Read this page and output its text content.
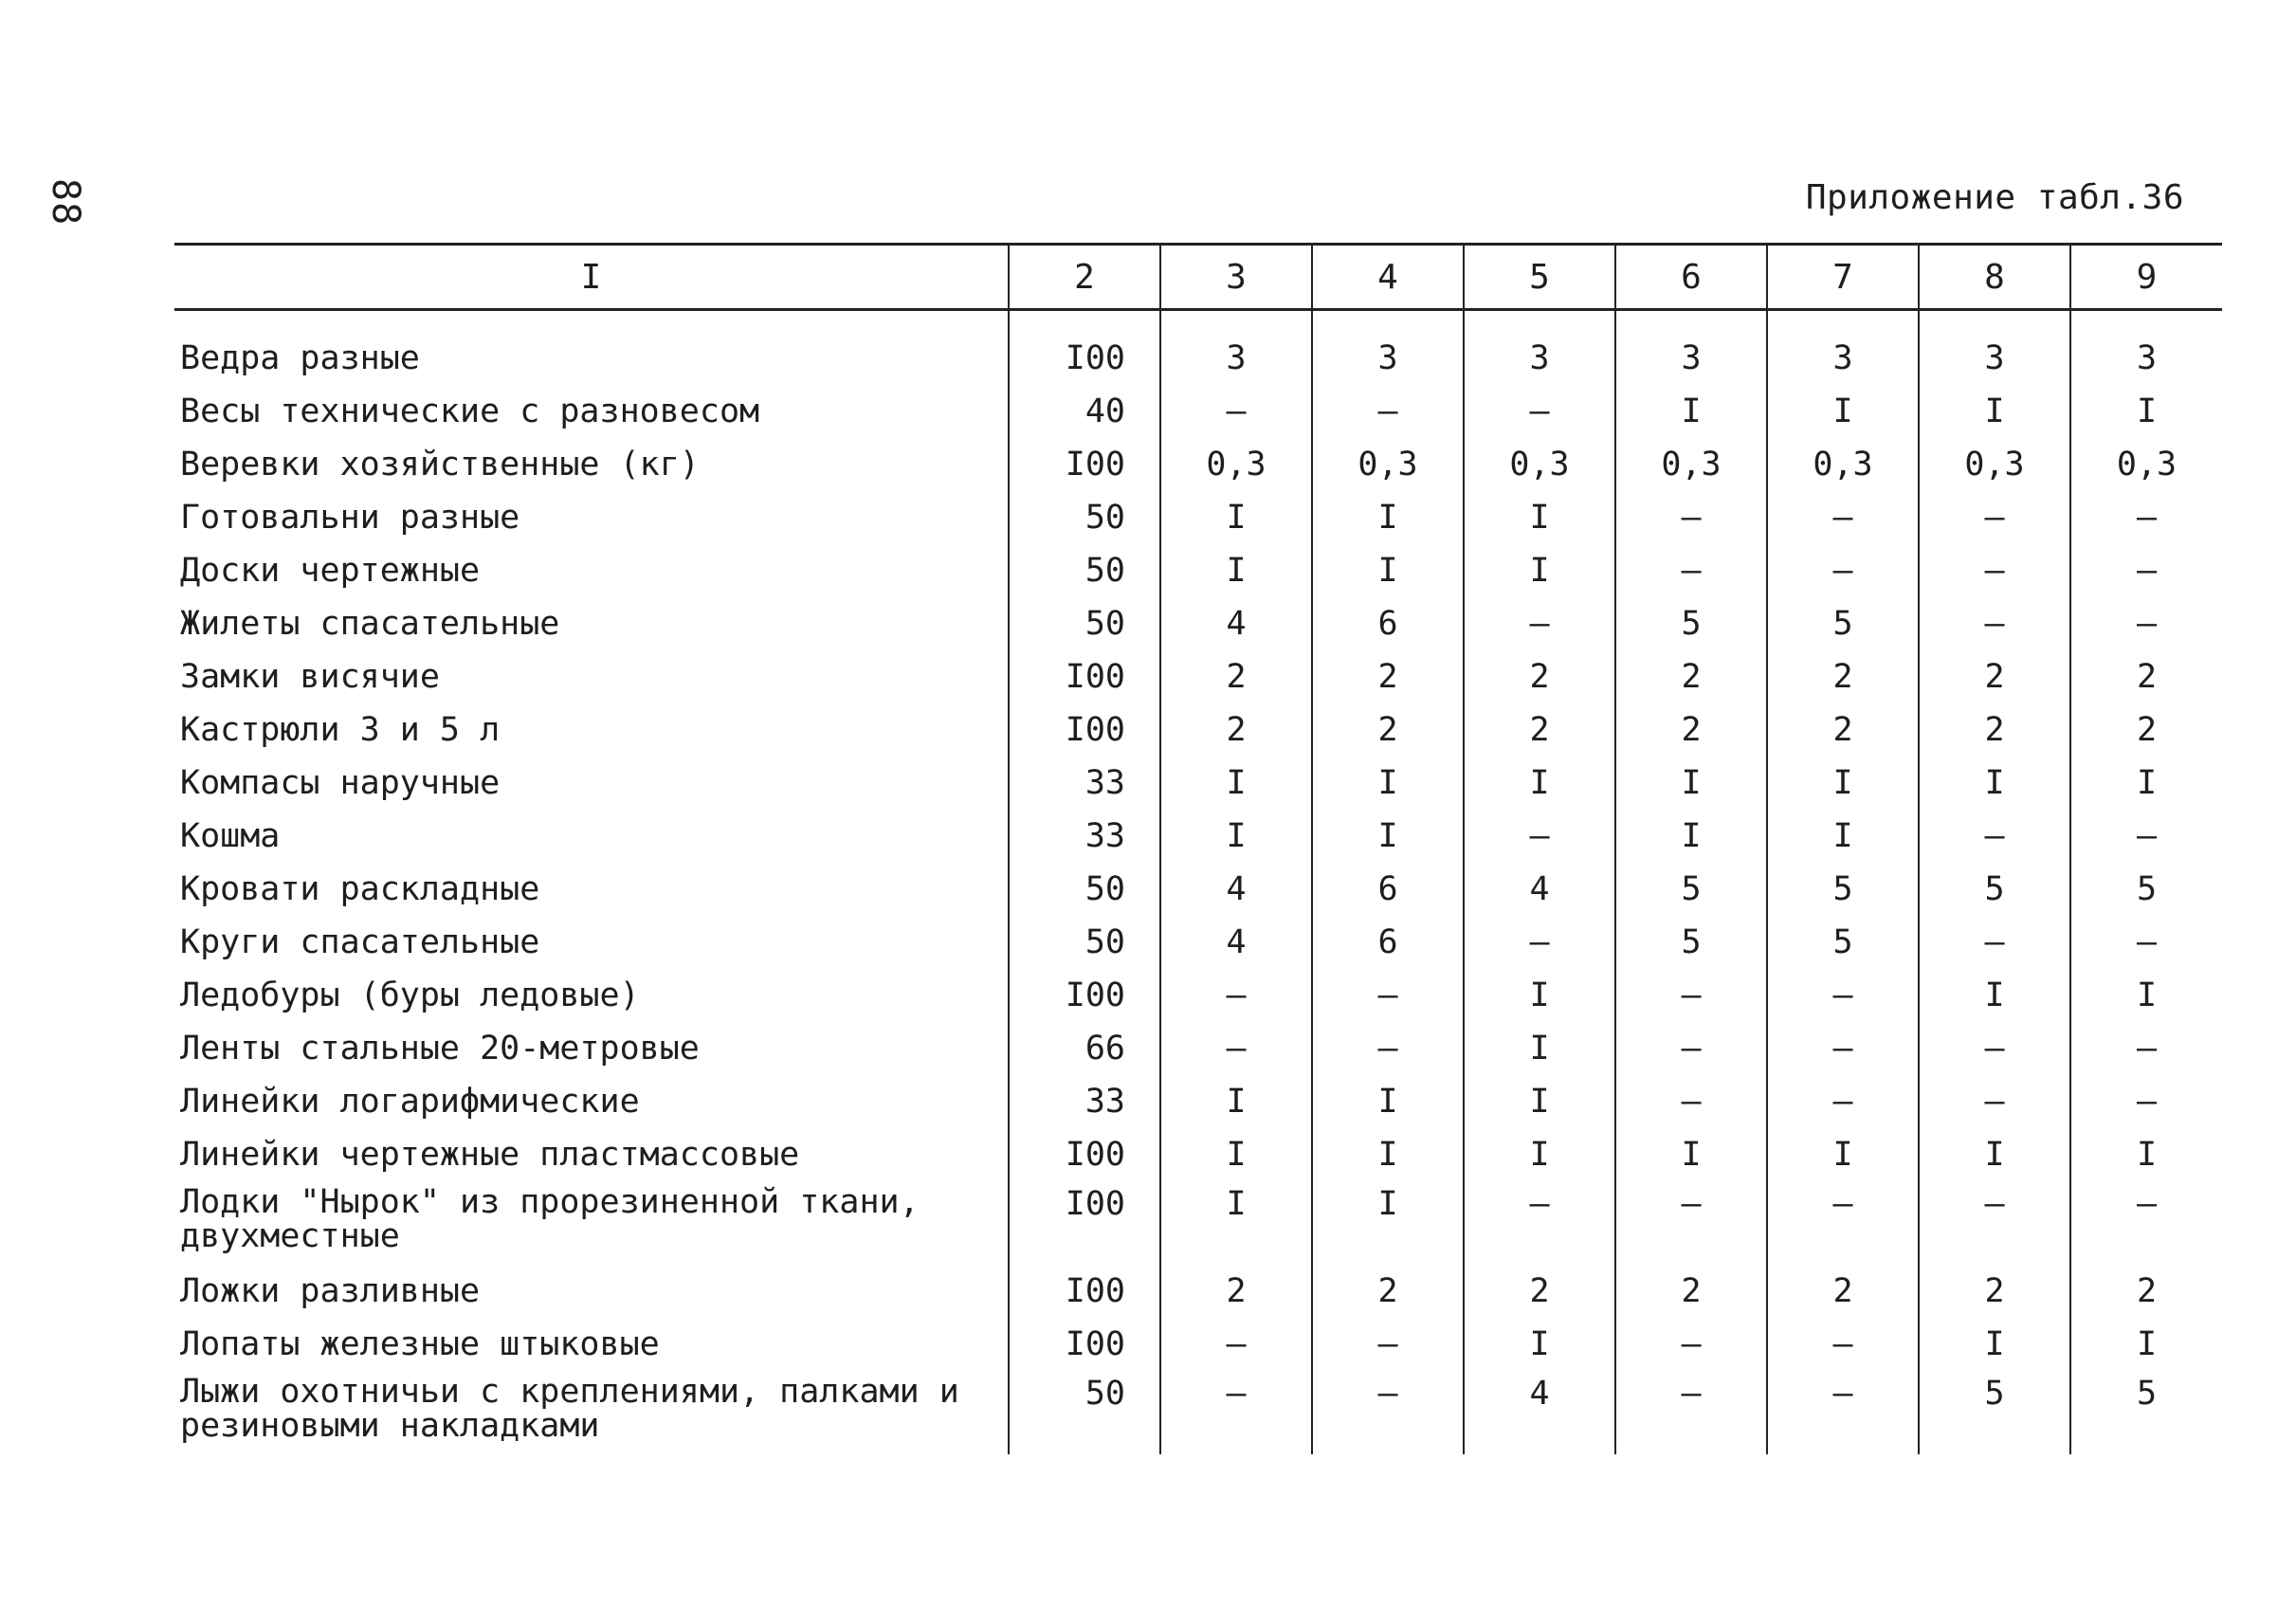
88	Приложение табл.36
I	2	3	4	5	6	7	8	9
Ведра разные	I00	3	3	3	3	3	3	3
Весы технические с разновесом	40	–	–	–	I	I	I	I
Веревки хозяйственные (кг)	I00	0,3	0,3	0,3	0,3	0,3	0,3	0,3
Готовальни разные	50	I	I	I	–	–	–	–
Доски чертежные	50	I	I	I	–	–	–	–
Жилеты спасательные	50	4	6	–	5	5	–	–
Замки висячие	I00	2	2	2	2	2	2	2
Кастрюли 3 и 5 л	I00	2	2	2	2	2	2	2
Компасы наручные	33	I	I	I	I	I	I	I
Кошма	33	I	I	–	I	I	–	–
Кровати раскладные	50	4	6	4	5	5	5	5
Круги спасательные	50	4	6	–	5	5	–	–
Ледобуры (буры ледовые)	I00	–	–	I	–	–	I	I
Ленты стальные 20-метровые	66	–	–	I	–	–	–	–
Линейки логарифмические	33	I	I	I	–	–	–	–
Линейки чертежные пластмассовые	I00	I	I	I	I	I	I	I
Лодки "Нырок" из прорезиненной ткани, двухместные	I00	I	I	–	–	–	–	–
Ложки разливные	I00	2	2	2	2	2	2	2
Лопаты железные штыковые	I00	–	–	I	–	–	I	I
Лыжи охотничьи с креплениями, палками и резиновыми накладками	50	–	–	4	–	–	5	5
